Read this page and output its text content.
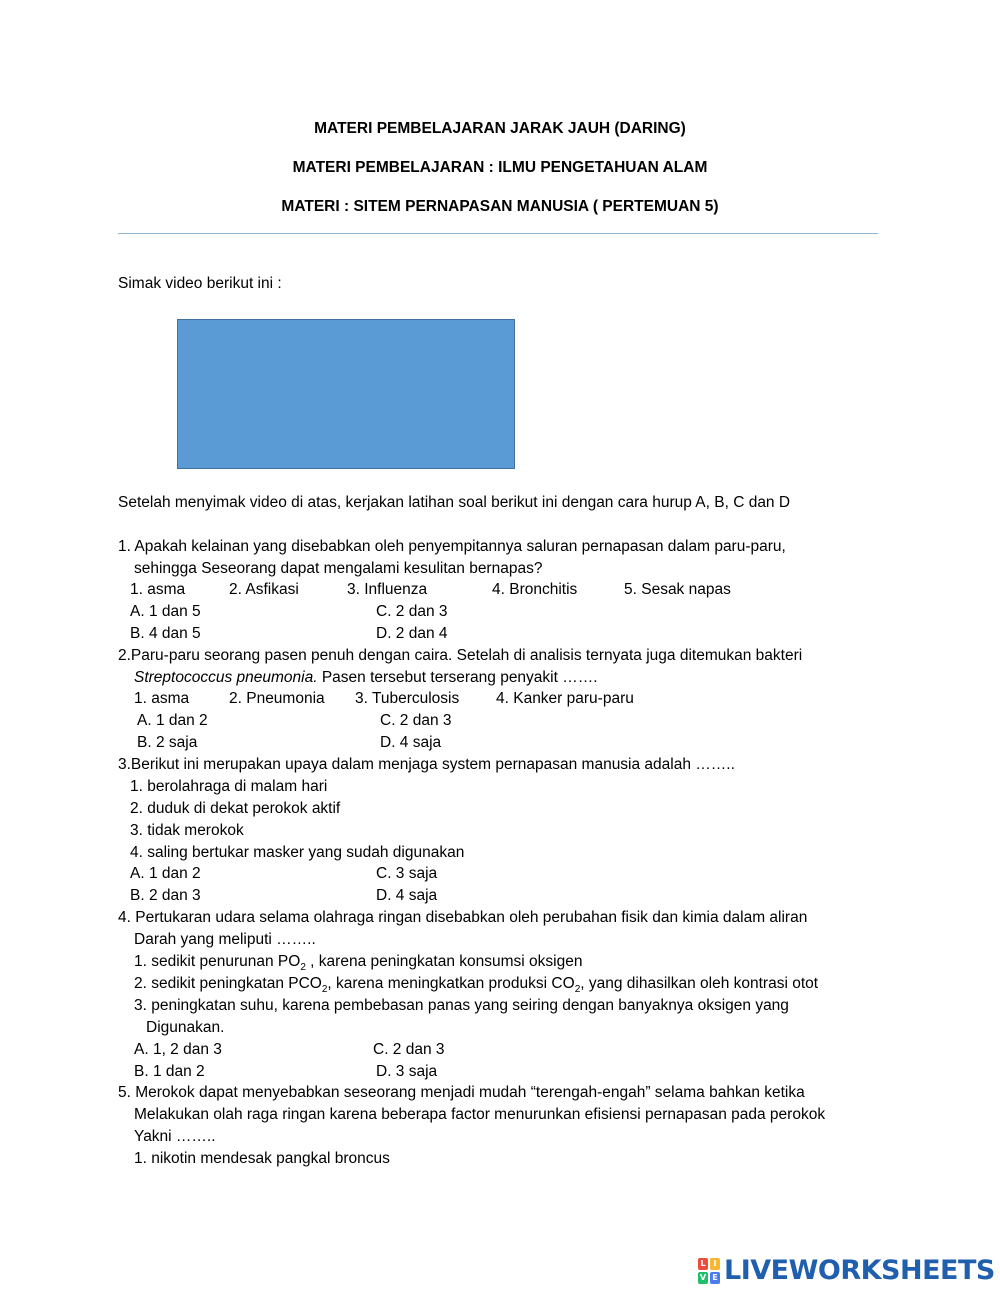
MATERI PEMBELAJARAN JARAK JAUH (DARING)
MATERI PEMBELAJARAN : ILMU PENGETAHUAN ALAM
MATERI : SITEM PERNAPASAN MANUSIA ( PERTEMUAN 5)
Simak video berikut ini :
Setelah menyimak video di atas, kerjakan latihan soal berikut ini dengan cara hurup A, B, C dan D
1. Apakah kelainan yang disebabkan oleh penyempitannya saluran pernapasan dalam paru-paru,
sehingga Seseorang dapat mengalami kesulitan bernapas?
1. asma	2. Asfikasi	3. Influenza	4. Bronchitis	5. Sesak napas
A. 1 dan 5	C. 2 dan 3
B. 4 dan 5	D. 2 dan 4
2.Paru-paru seorang pasen penuh dengan caira. Setelah di analisis ternyata juga ditemukan bakteri
Streptococcus pneumonia. Pasen tersebut terserang penyakit …….
1. asma	2. Pneumonia 3. Tuberculosis 4. Kanker paru-paru
A. 1 dan 2	C. 2 dan 3
B. 2 saja	D. 4 saja
3.Berikut ini merupakan upaya dalam menjaga system pernapasan manusia adalah ……..
1. berolahraga di malam hari
2. duduk di dekat perokok aktif
3. tidak merokok
4. saling bertukar masker yang sudah digunakan
A. 1 dan 2	C. 3 saja
B. 2 dan 3	D. 4 saja
4. Pertukaran udara selama olahraga ringan disebabkan oleh perubahan fisik dan kimia dalam aliran
Darah yang meliputi ……..
1. sedikit penurunan $PO_2$ , karena peningkatan konsumsi oksigen
2. sedikit peningkatan $PCO_2$, karena meningkatkan produksi $CO_2$, yang dihasilkan oleh kontrasi otot
3. peningkatan suhu, karena pembebasan panas yang seiring dengan banyaknya oksigen yang
Digunakan.
A. 1, 2 dan 3	C. 2 dan 3
B. 1 dan 2	D. 3 saja
5. Merokok dapat menyebabkan seseorang menjadi mudah “terengah-engah” selama bahkan ketika
Melakukan olah raga ringan karena beberapa factor menurunkan efisiensi pernapasan pada perokok
Yakni ……..
1. nikotin mendesak pangkal broncus
L I
V E LIVEWORKSHEETS
